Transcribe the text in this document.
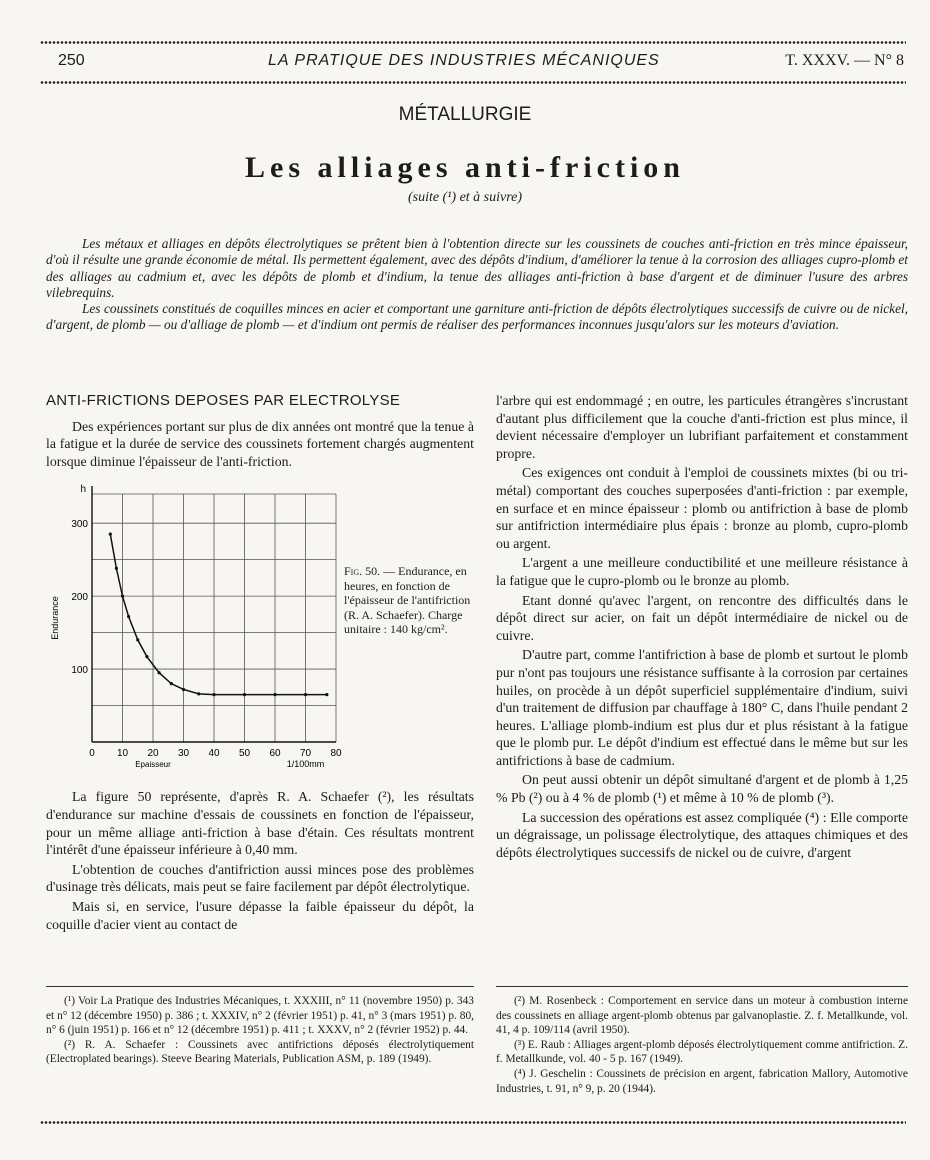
250	LA PRATIQUE DES INDUSTRIES MÉCANIQUES	T. XXXV. — N° 8
MÉTALLURGIE
Les alliages anti-friction
(suite (¹) et à suivre)

Les métaux et alliages en dépôts électrolytiques se prêtent bien à l'obtention directe sur les coussinets de couches anti-friction en très mince épaisseur, d'où il résulte une grande économie de métal. Ils permettent également, avec des dépôts d'indium, d'améliorer la tenue à la corrosion des alliages cupro-plomb et des alliages au cadmium et, avec les dépôts de plomb et d'indium, la tenue des alliages anti-friction à base d'argent et de diminuer l'usure des arbres vilebrequins.

Les coussinets constitués de coquilles minces en acier et comportant une garniture anti-friction de dépôts électrolytiques successifs de cuivre ou de nickel, d'argent, de plomb — ou d'alliage de plomb — et d'indium ont permis de réaliser des performances inconnues jusqu'alors sur les moteurs d'aviation.

ANTI-FRICTIONS DEPOSES PAR ELECTROLYSE

Des expériences portant sur plus de dix années ont montré que la tenue à la fatigue et la durée de service des coussinets fortement chargés augmentent lorsque diminue l'épaisseur de l'anti-friction.

0 10 20 30 40 50 60 70 80
100
200
300
h
Endurance
Epaisseur	1/100mm
Fig. 50. — Endurance, en heures, en fonction de l'épaisseur de l'antifriction (R. A. Schaefer). Charge unitaire : 140 kg/cm².

La figure 50 représente, d'après R. A. Schaefer (²), les résultats d'endurance sur machine d'essais de coussinets en fonction de l'épaisseur, pour un même alliage anti-friction à base d'étain. Ces résultats montrent l'intérêt d'une épaisseur inférieure à 0,40 mm.

L'obtention de couches d'antifriction aussi minces pose des problèmes d'usinage très délicats, mais peut se faire facilement par dépôt électrolytique.

Mais si, en service, l'usure dépasse la faible épaisseur du dépôt, la coquille d'acier vient au contact de

l'arbre qui est endommagé ; en outre, les particules étrangères s'incrustant d'autant plus difficilement que la couche d'anti-friction est plus mince, il devient nécessaire d'employer un lubrifiant parfaitement et constamment propre.

Ces exigences ont conduit à l'emploi de coussinets mixtes (bi ou tri-métal) comportant des couches superposées d'anti-friction : par exemple, en surface et en mince épaisseur : plomb ou antifriction à base de plomb sur antifriction intermédiaire plus épais : bronze au plomb, cupro-plomb ou argent.

L'argent a une meilleure conductibilité et une meilleure résistance à la fatigue que le cupro-plomb ou le bronze au plomb.

Etant donné qu'avec l'argent, on rencontre des difficultés dans le dépôt direct sur acier, on fait un dépôt intermédiaire de nickel ou de cuivre.

D'autre part, comme l'antifriction à base de plomb et surtout le plomb pur n'ont pas toujours une résistance suffisante à la corrosion par certaines huiles, on procède à un dépôt superficiel supplémentaire d'indium, suivi d'un traitement de diffusion par chauffage à 180° C, dans l'huile pendant 2 heures. L'alliage plomb-indium est plus dur et plus résistant à la fatigue que le plomb pur. Le dépôt d'indium est effectué dans le même but sur les antifrictions à base de cadmium.

On peut aussi obtenir un dépôt simultané d'argent et de plomb à 1,25 % Pb (²) ou à 4 % de plomb (¹) et même à 10 % de plomb (³).

La succession des opérations est assez compliquée (⁴) : Elle comporte un dégraissage, un polissage électrolytique, des attaques chimiques et des dépôts électrolytiques successifs de nickel ou de cuivre, d'argent

(¹) Voir La Pratique des Industries Mécaniques, t. XXXIII, n° 11 (novembre 1950) p. 343 et n° 12 (décembre 1950) p. 386 ; t. XXXIV, n° 2 (février 1951) p. 41, n° 3 (mars 1951) p. 80, n° 6 (juin 1951) p. 166 et n° 12 (décembre 1951) p. 411 ; t. XXXV, n° 2 (février 1952) p. 44.

(²) R. A. Schaefer : Coussinets avec antifrictions déposés électrolytiquement (Electroplated bearings). Steeve Bearing Materials, Publication ASM, p. 189 (1949).

(²) M. Rosenbeck : Comportement en service dans un moteur à combustion interne des coussinets en alliage argent-plomb obtenus par galvanoplastie. Z. f. Metallkunde, vol. 41, 4 p. 109/114 (avril 1950).

(³) E. Raub : Alliages argent-plomb déposés électrolytiquement comme antifriction. Z. f. Metallkunde, vol. 40 - 5 p. 167 (1949).

(⁴) J. Geschelin : Coussinets de précision en argent, fabrication Mallory, Automotive Industries, t. 91, n° 9, p. 20 (1944).
